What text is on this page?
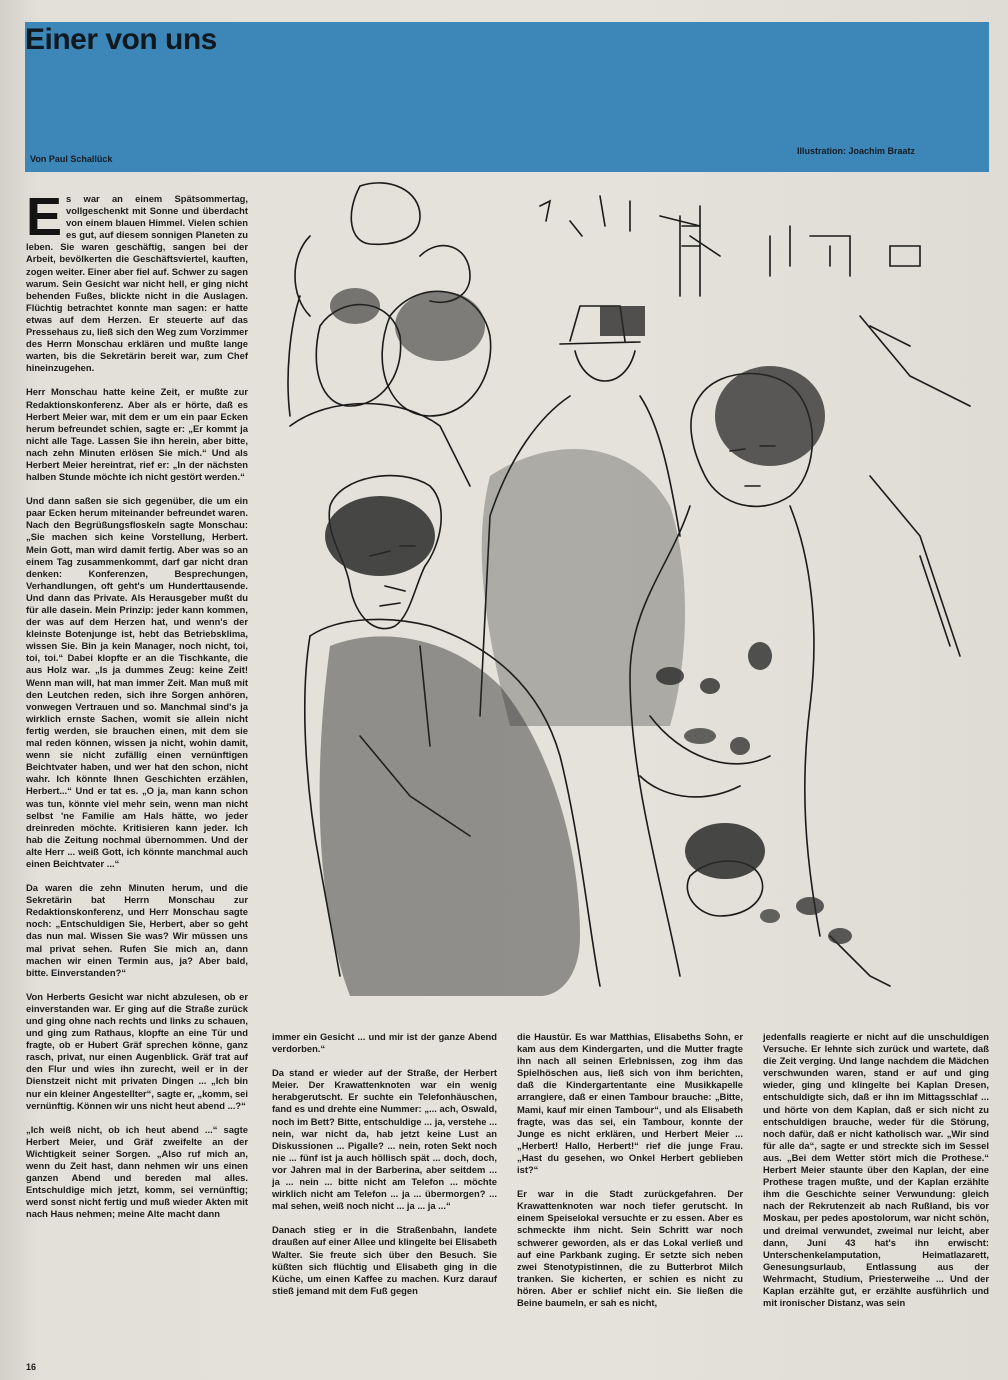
Einer von uns
Von Paul Schallück
Illustration: Joachim Braatz

Es war an einem Spätsommertag, vollgeschenkt mit Sonne und überdacht von einem blauen Himmel. Vielen schien es gut, auf diesem sonnigen Planeten zu leben. Sie waren geschäftig, sangen bei der Arbeit, bevölkerten die Geschäftsviertel, kauften, zogen weiter. Einer aber fiel auf. Schwer zu sagen warum. Sein Gesicht war nicht hell, er ging nicht behenden Fußes, blickte nicht in die Auslagen. Flüchtig betrachtet konnte man sagen: er hatte etwas auf dem Herzen. Er steuerte auf das Pressehaus zu, ließ sich den Weg zum Vorzimmer des Herrn Monschau erklären und mußte lange warten, bis die Sekretärin bereit war, zum Chef hineinzugehen.

Herr Monschau hatte keine Zeit, er mußte zur Redaktionskonferenz. Aber als er hörte, daß es Herbert Meier war, mit dem er um ein paar Ecken herum befreundet schien, sagte er: „Er kommt ja nicht alle Tage. Lassen Sie ihn herein, aber bitte, nach zehn Minuten erlösen Sie mich.“ Und als Herbert Meier hereintrat, rief er: „In der nächsten halben Stunde möchte ich nicht gestört werden.“

Und dann saßen sie sich gegenüber, die um ein paar Ecken herum miteinander befreundet waren. Nach den Begrüßungsfloskeln sagte Monschau: „Sie machen sich keine Vorstellung, Herbert. Mein Gott, man wird damit fertig. Aber was so an einem Tag zusammenkommt, darf gar nicht dran denken: Konferenzen, Besprechungen, Verhandlungen, oft geht's um Hunderttausende. Und dann das Private. Als Herausgeber mußt du für alle dasein. Mein Prinzip: jeder kann kommen, der was auf dem Herzen hat, und wenn's der kleinste Botenjunge ist, hebt das Betriebsklima, wissen Sie. Bin ja kein Manager, noch nicht, toi, toi, toi.“ Dabei klopfte er an die Tischkante, die aus Holz war. „Is ja dummes Zeug: keine Zeit! Wenn man will, hat man immer Zeit. Man muß mit den Leutchen reden, sich ihre Sorgen anhören, vonwegen Vertrauen und so. Manchmal sind's ja wirklich ernste Sachen, womit sie allein nicht fertig werden, sie brauchen einen, mit dem sie mal reden können, wissen ja nicht, wohin damit, wenn sie nicht zufällig einen vernünftigen Beichtvater haben, und wer hat den schon, nicht wahr. Ich könnte Ihnen Geschichten erzählen, Herbert...“ Und er tat es. „O ja, man kann schon was tun, könnte viel mehr sein, wenn man nicht selbst 'ne Familie am Hals hätte, wo jeder dreinreden möchte. Kritisieren kann jeder. Ich hab die Zeitung nochmal übernommen. Und der alte Herr ... weiß Gott, ich könnte manchmal auch einen Beichtvater ...“

Da waren die zehn Minuten herum, und die Sekretärin bat Herrn Monschau zur Redaktionskonferenz, und Herr Monschau sagte noch: „Entschuldigen Sie, Herbert, aber so geht das nun mal. Wissen Sie was? Wir müssen uns mal privat sehen. Rufen Sie mich an, dann machen wir einen Termin aus, ja? Aber bald, bitte. Einverstanden?“

Von Herberts Gesicht war nicht abzulesen, ob er einverstanden war. Er ging auf die Straße zurück und ging ohne nach rechts und links zu schauen, und ging zum Rathaus, klopfte an eine Tür und fragte, ob er Hubert Gräf sprechen könne, ganz rasch, privat, nur einen Augenblick. Gräf trat auf den Flur und wies ihn zurecht, weil er in der Dienstzeit nicht mit privaten Dingen ... „Ich bin nur ein kleiner Angestellter“, sagte er, „komm, sei vernünftig. Können wir uns nicht heut abend ...?“

„Ich weiß nicht, ob ich heut abend ...“ sagte Herbert Meier, und Gräf zweifelte an der Wichtigkeit seiner Sorgen. „Also ruf mich an, wenn du Zeit hast, dann nehmen wir uns einen ganzen Abend und bereden mal alles. Entschuldige mich jetzt, komm, sei vernünftig; werd sonst nicht fertig und muß wieder Akten mit nach Haus nehmen; meine Alte macht dann

immer ein Gesicht ... und mir ist der ganze Abend verdorben.“

Da stand er wieder auf der Straße, der Herbert Meier. Der Krawattenknoten war ein wenig herabgerutscht. Er suchte ein Telefonhäuschen, fand es und drehte eine Nummer: „... ach, Oswald, noch im Bett? Bitte, entschuldige ... ja, verstehe ... nein, war nicht da, hab jetzt keine Lust an Diskussionen ... Pigalle? ... nein, roten Sekt noch nie ... fünf ist ja auch höllisch spät ... doch, doch, vor Jahren mal in der Barberina, aber seitdem ... ja ... nein ... bitte nicht am Telefon ... möchte wirklich nicht am Telefon ... ja ... übermorgen? ... mal sehen, weiß noch nicht ... ja ... ja ...“

Danach stieg er in die Straßenbahn, landete draußen auf einer Allee und klingelte bei Elisabeth Walter. Sie freute sich über den Besuch. Sie küßten sich flüchtig und Elisabeth ging in die Küche, um einen Kaffee zu machen. Kurz darauf stieß jemand mit dem Fuß gegen

die Haustür. Es war Matthias, Elisabeths Sohn, er kam aus dem Kindergarten, und die Mutter fragte ihn nach all seinen Erlebnissen, zog ihm das Spielhöschen aus, ließ sich von ihm berichten, daß die Kindergartentante eine Musikkapelle arrangiere, daß er einen Tambour brauche: „Bitte, Mami, kauf mir einen Tambour“, und als Elisabeth fragte, was das sei, ein Tambour, konnte der Junge es nicht erklären, und Herbert Meier ... „Herbert! Hallo, Herbert!“ rief die junge Frau. „Hast du gesehen, wo Onkel Herbert geblieben ist?“

Er war in die Stadt zurückgefahren. Der Krawattenknoten war noch tiefer gerutscht. In einem Speiselokal versuchte er zu essen. Aber es schmeckte ihm nicht. Sein Schritt war noch schwerer geworden, als er das Lokal verließ und auf eine Parkbank zuging. Er setzte sich neben zwei Stenotypistinnen, die zu Butterbrot Milch tranken. Sie kicherten, er schien es nicht zu hören. Aber er schlief nicht ein. Sie ließen die Beine baumeln, er sah es nicht,

jedenfalls reagierte er nicht auf die unschuldigen Versuche. Er lehnte sich zurück und wartete, daß die Zeit verging. Und lange nachdem die Mädchen verschwunden waren, stand er auf und ging wieder, ging und klingelte bei Kaplan Dresen, entschuldigte sich, daß er ihn im Mittagsschlaf ... und hörte von dem Kaplan, daß er sich nicht zu entschuldigen brauche, weder für die Störung, noch dafür, daß er nicht katholisch war. „Wir sind für alle da“, sagte er und streckte sich im Sessel aus. „Bei dem Wetter stört mich die Prothese.“ Herbert Meier staunte über den Kaplan, der eine Prothese tragen mußte, und der Kaplan erzählte ihm die Geschichte seiner Verwundung: gleich nach der Rekrutenzeit ab nach Rußland, bis vor Moskau, per pedes apostolorum, war nicht schön, und dreimal verwundet, zweimal nur leicht, aber dann, Juni 43 hat's ihn erwischt: Unterschenkelamputation, Heimatlazarett, Genesungsurlaub, Entlassung aus der Wehrmacht, Studium, Priesterweihe ... Und der Kaplan erzählte gut, er erzählte ausführlich und mit ironischer Distanz, was sein

16
